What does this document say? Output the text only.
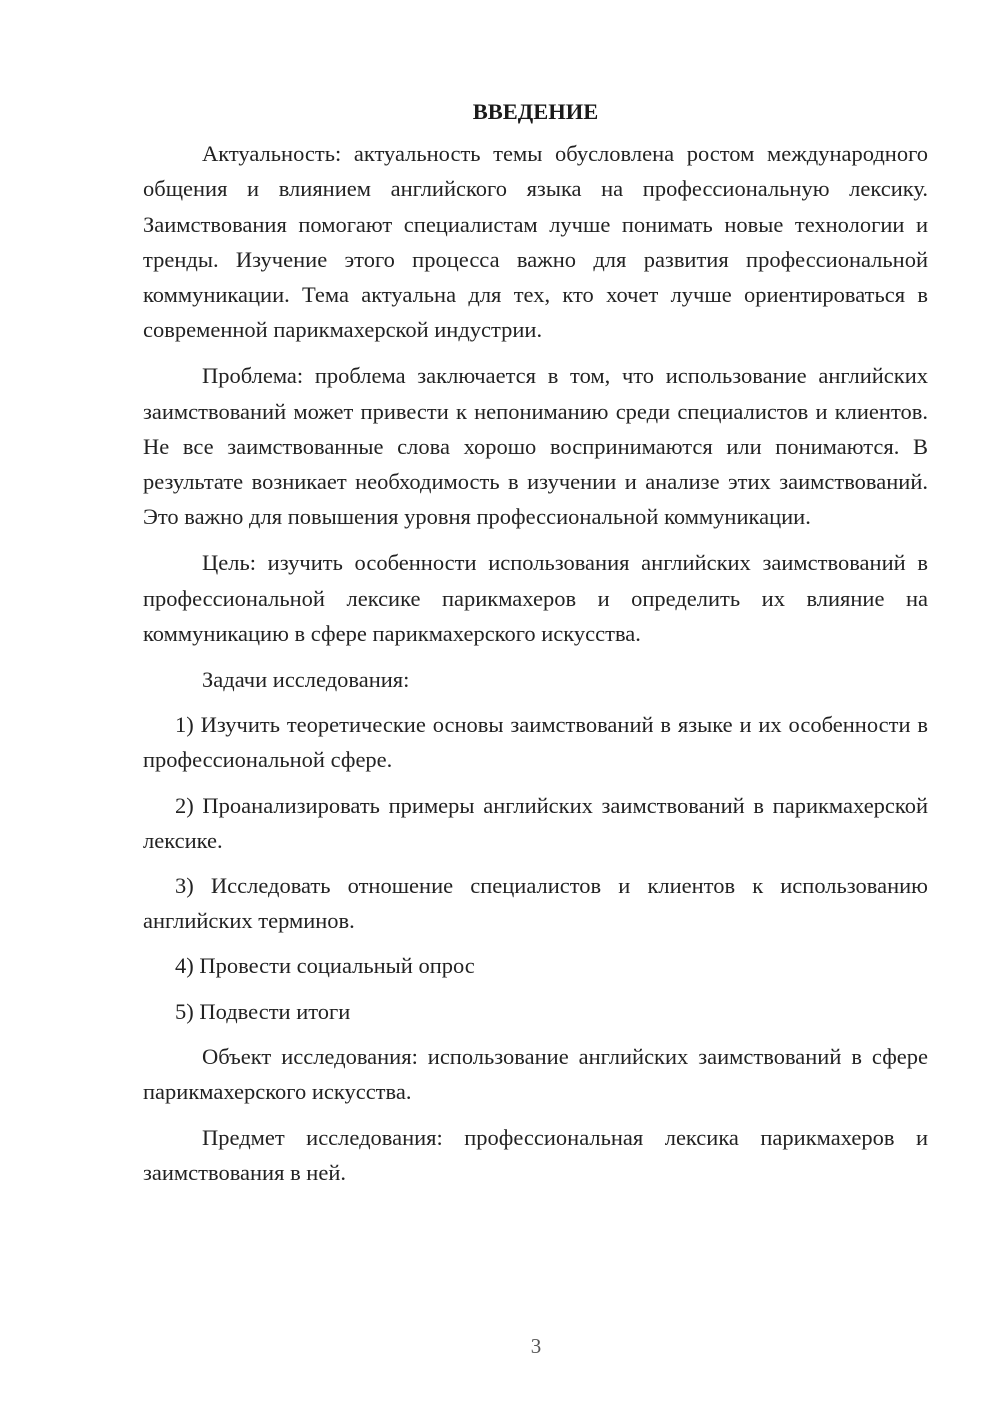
ВВЕДЕНИЕ

Актуальность: актуальность темы обусловлена ростом международного общения и влиянием английского языка на профессиональную лексику. Заимствования помогают специалистам лучше понимать новые технологии и тренды. Изучение этого процесса важно для развития профессиональной коммуникации. Тема актуальна для тех, кто хочет лучше ориентироваться в современной парикмахерской индустрии.

Проблема: проблема заключается в том, что использование английских заимствований может привести к непониманию среди специалистов и клиентов. Не все заимствованные слова хорошо воспринимаются или понимаются. В результате возникает необходимость в изучении и анализе этих заимствований. Это важно для повышения уровня профессиональной коммуникации.

Цель: изучить особенности использования английских заимствований в профессиональной лексике парикмахеров и определить их влияние на коммуникацию в сфере парикмахерского искусства.

Задачи исследования:

1) Изучить теоретические основы заимствований в языке и их особенности в профессиональной сфере.

2) Проанализировать примеры английских заимствований в парикмахерской лексике.

3) Исследовать отношение специалистов и клиентов к использованию английских терминов.

4) Провести социальный опрос

5) Подвести итоги

Объект исследования: использование английских заимствований в сфере парикмахерского искусства.

Предмет исследования: профессиональная лексика парикмахеров и заимствования в ней.

3
